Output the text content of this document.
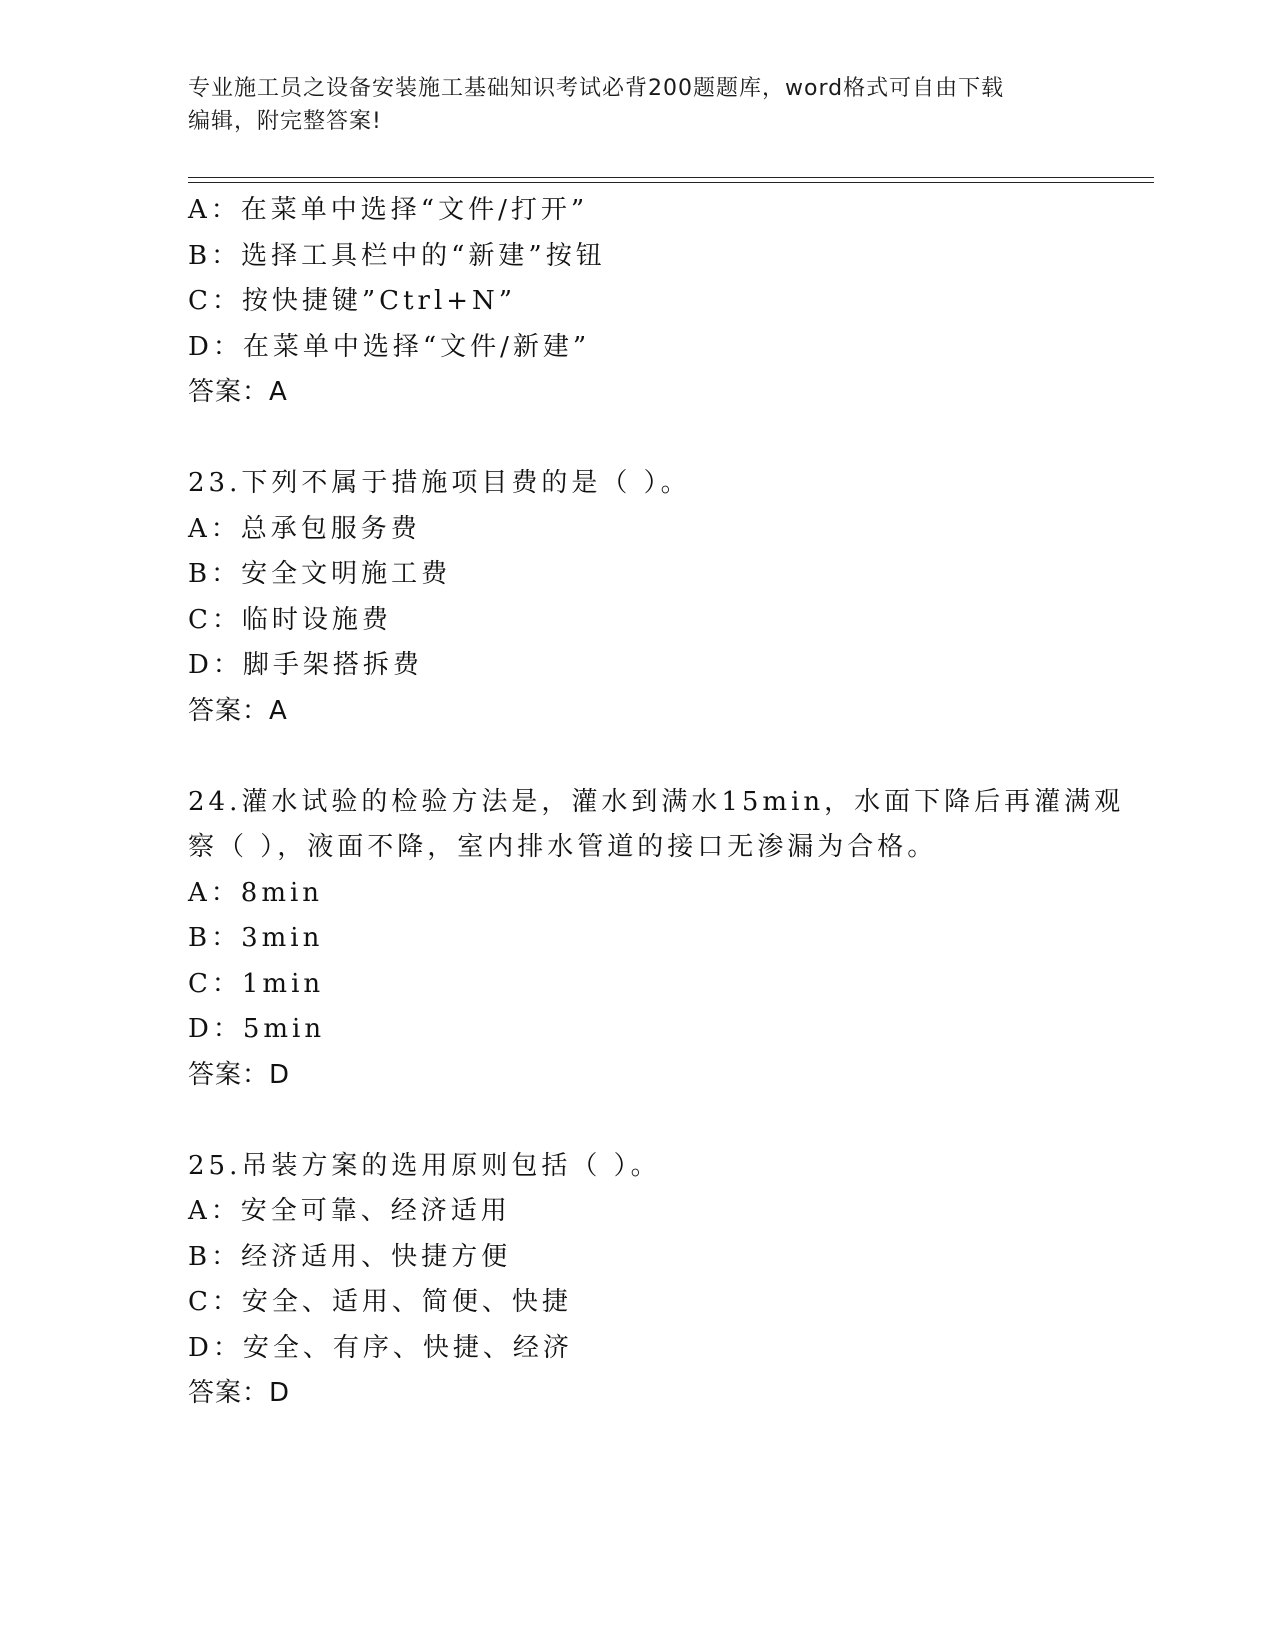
专业施工员之设备安装施工基础知识考试必背200题题库，word格式可自由下载
编辑，附完整答案!
A：在菜单中选择“文件/打开”
B：选择工具栏中的“新建”按钮
C：按快捷键”Ctrl+N”
D：在菜单中选择“文件/新建”
答案：A
23.下列不属于措施项目费的是（ ）。
A：总承包服务费
B：安全文明施工费
C：临时设施费
D：脚手架搭拆费
答案：A
24.灌水试验的检验方法是，灌水到满水15min，水面下降后再灌满观
察（ ），液面不降，室内排水管道的接口无渗漏为合格。
A：8min
B：3min
C：1min
D：5min
答案：D
25.吊装方案的选用原则包括（ ）。
A：安全可靠、经济适用
B：经济适用、快捷方便
C：安全、适用、简便、快捷
D：安全、有序、快捷、经济
答案：D
